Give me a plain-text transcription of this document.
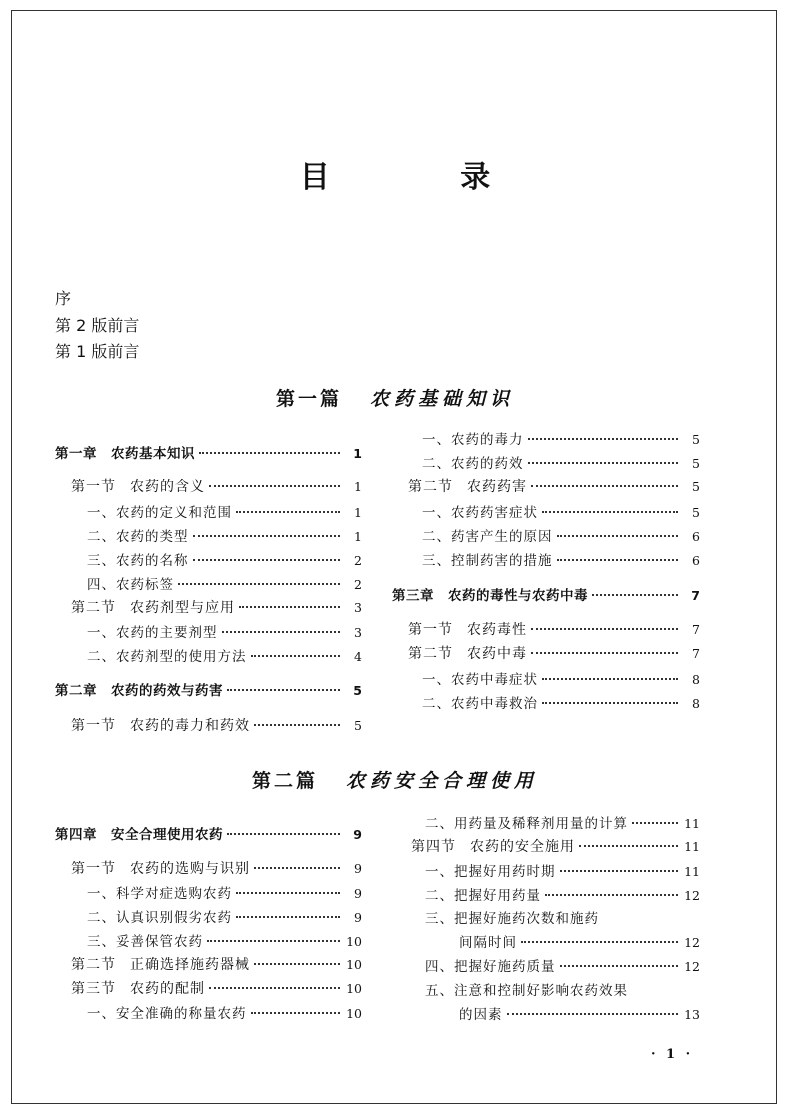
目 录
序
第 2 版前言
第 1 版前言
第一篇 农药基础知识
第二篇 农药安全合理使用
第一章 农药基本知识	1
第一节 农药的含义	1
一、农药的定义和范围	1
二、农药的类型	1
三、农药的名称	2
四、农药标签	2
第二节 农药剂型与应用	3
一、农药的主要剂型	3
二、农药剂型的使用方法	4
第二章 农药的药效与药害	5
第一节 农药的毒力和药效	5
一、农药的毒力	5
二、农药的药效	5
第二节 农药药害	5
一、农药药害症状	5
二、药害产生的原因	6
三、控制药害的措施	6
第三章 农药的毒性与农药中毒	7
第一节 农药毒性	7
第二节 农药中毒	7
一、农药中毒症状	8
二、农药中毒救治	8
第四章 安全合理使用农药	9
第一节 农药的选购与识别	9
一、科学对症选购农药	9
二、认真识别假劣农药	9
三、妥善保管农药	10
第二节 正确选择施药器械	10
第三节 农药的配制	10
一、安全准确的称量农药	10
二、用药量及稀释剂用量的计算	11
第四节 农药的安全施用	11
一、把握好用药时期	11
二、把握好用药量	12
三、把握好施药次数和施药
间隔时间	12
四、把握好施药质量	12
五、注意和控制好影响农药效果
的因素	13
· 1 ·
